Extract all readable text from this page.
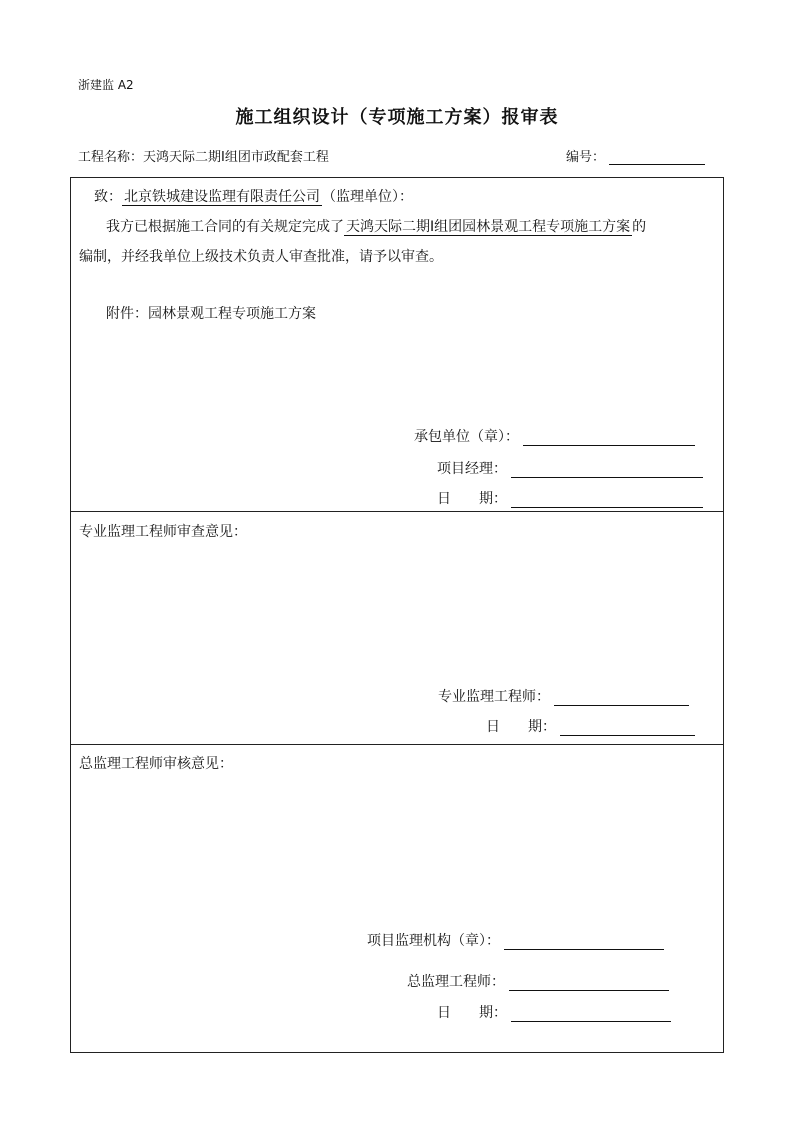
浙建监 A2
施工组织设计（专项施工方案）报审表
工程名称：天鸿天际二期Ⅰ组团市政配套工程	编号：
致： 北京铁城建设监理有限责任公司 （监理单位）：
我方已根据施工合同的有关规定完成了 天鸿天际二期Ⅰ组团园林景观工程专项施工方案 的
编制，并经我单位上级技术负责人审查批准，请予以审查。
附件：园林景观工程专项施工方案
承包单位（章）：
项目经理：
日　　期：
专业监理工程师审查意见：
专业监理工程师：
日　　期：
总监理工程师审核意见：
项目监理机构（章）：
总监理工程师：
日　　期：
